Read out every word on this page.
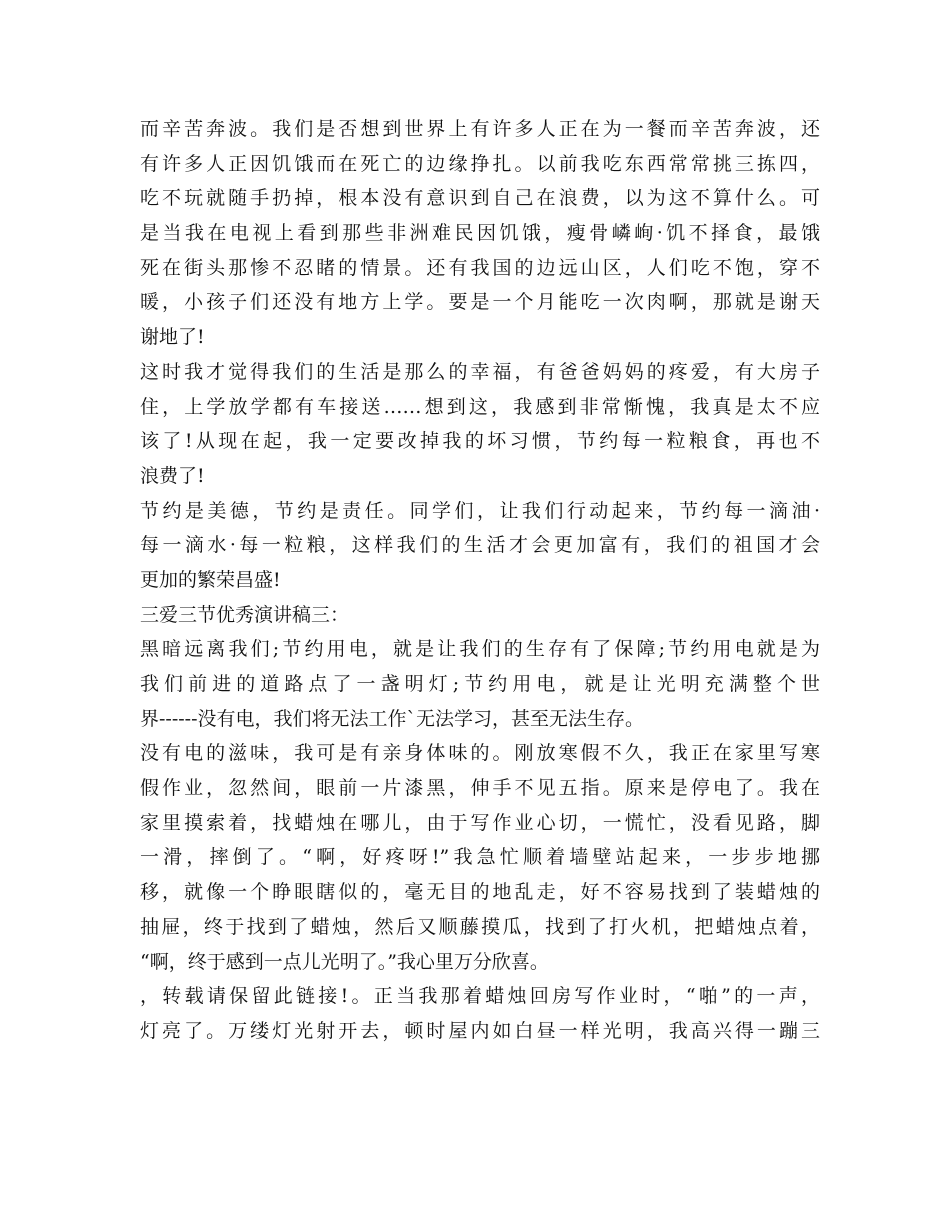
而辛苦奔波。我们是否想到世界上有许多人正在为一餐而辛苦奔波，还
有许多人正因饥饿而在死亡的边缘挣扎。以前我吃东西常常挑三拣四，
吃不玩就随手扔掉，根本没有意识到自己在浪费，以为这不算什么。可
是当我在电视上看到那些非洲难民因饥饿，瘦骨嶙峋·饥不择食，最饿
死在街头那惨不忍睹的情景。还有我国的边远山区，人们吃不饱，穿不
暖，小孩子们还没有地方上学。要是一个月能吃一次肉啊，那就是谢天
谢地了!
这时我才觉得我们的生活是那么的幸福，有爸爸妈妈的疼爱，有大房子
住，上学放学都有车接送……想到这，我感到非常惭愧，我真是太不应
该了!从现在起，我一定要改掉我的坏习惯，节约每一粒粮食，再也不
浪费了!
节约是美德，节约是责任。同学们，让我们行动起来，节约每一滴油·
每一滴水·每一粒粮，这样我们的生活才会更加富有，我们的祖国才会
更加的繁荣昌盛!
三爱三节优秀演讲稿三：
黑暗远离我们;节约用电，就是让我们的生存有了保障;节约用电就是为
我们前进的道路点了一盏明灯;节约用电，就是让光明充满整个世
界------没有电，我们将无法工作`无法学习，甚至无法生存。
没有电的滋味，我可是有亲身体味的。刚放寒假不久，我正在家里写寒
假作业，忽然间，眼前一片漆黑，伸手不见五指。原来是停电了。我在
家里摸索着，找蜡烛在哪儿，由于写作业心切，一慌忙，没看见路，脚
一滑，摔倒了。“啊，好疼呀!”我急忙顺着墙壁站起来，一步步地挪
移，就像一个睁眼瞎似的，毫无目的地乱走，好不容易找到了装蜡烛的
抽屉，终于找到了蜡烛，然后又顺藤摸瓜，找到了打火机，把蜡烛点着，
“啊，终于感到一点儿光明了。”我心里万分欣喜。
，转载请保留此链接!。正当我那着蜡烛回房写作业时，“啪”的一声，
灯亮了。万缕灯光射开去，顿时屋内如白昼一样光明，我高兴得一蹦三
